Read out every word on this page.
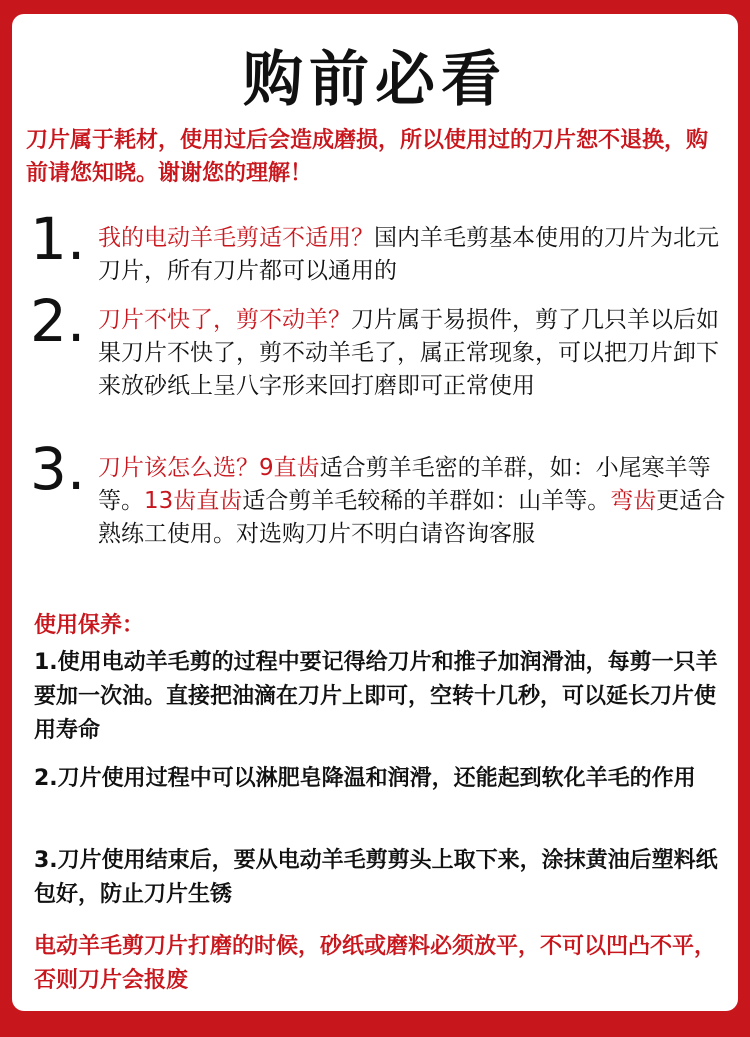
购前必看
刀片属于耗材，使用过后会造成磨损，所以使用过的刀片恕不退换，购前请您知晓。谢谢您的理解！
1. 我的电动羊毛剪适不适用？国内羊毛剪基本使用的刀片为北元刀片，所有刀片都可以通用的
2. 刀片不快了，剪不动羊？刀片属于易损件，剪了几只羊以后如果刀片不快了，剪不动羊毛了，属正常现象，可以把刀片卸下来放砂纸上呈八字形来回打磨即可正常使用
3. 刀片该怎么选？9直齿适合剪羊毛密的羊群，如：小尾寒羊等等。13齿直齿适合剪羊毛较稀的羊群如：山羊等。弯齿更适合熟练工使用。对选购刀片不明白请咨询客服
使用保养：
1.使用电动羊毛剪的过程中要记得给刀片和推子加润滑油，每剪一只羊要加一次油。直接把油滴在刀片上即可，空转十几秒，可以延长刀片使用寿命
2.刀片使用过程中可以淋肥皂降温和润滑，还能起到软化羊毛的作用
3.刀片使用结束后，要从电动羊毛剪剪头上取下来，涂抹黄油后塑料纸包好，防止刀片生锈
电动羊毛剪刀片打磨的时候，砂纸或磨料必须放平，不可以凹凸不平，否则刀片会报废
